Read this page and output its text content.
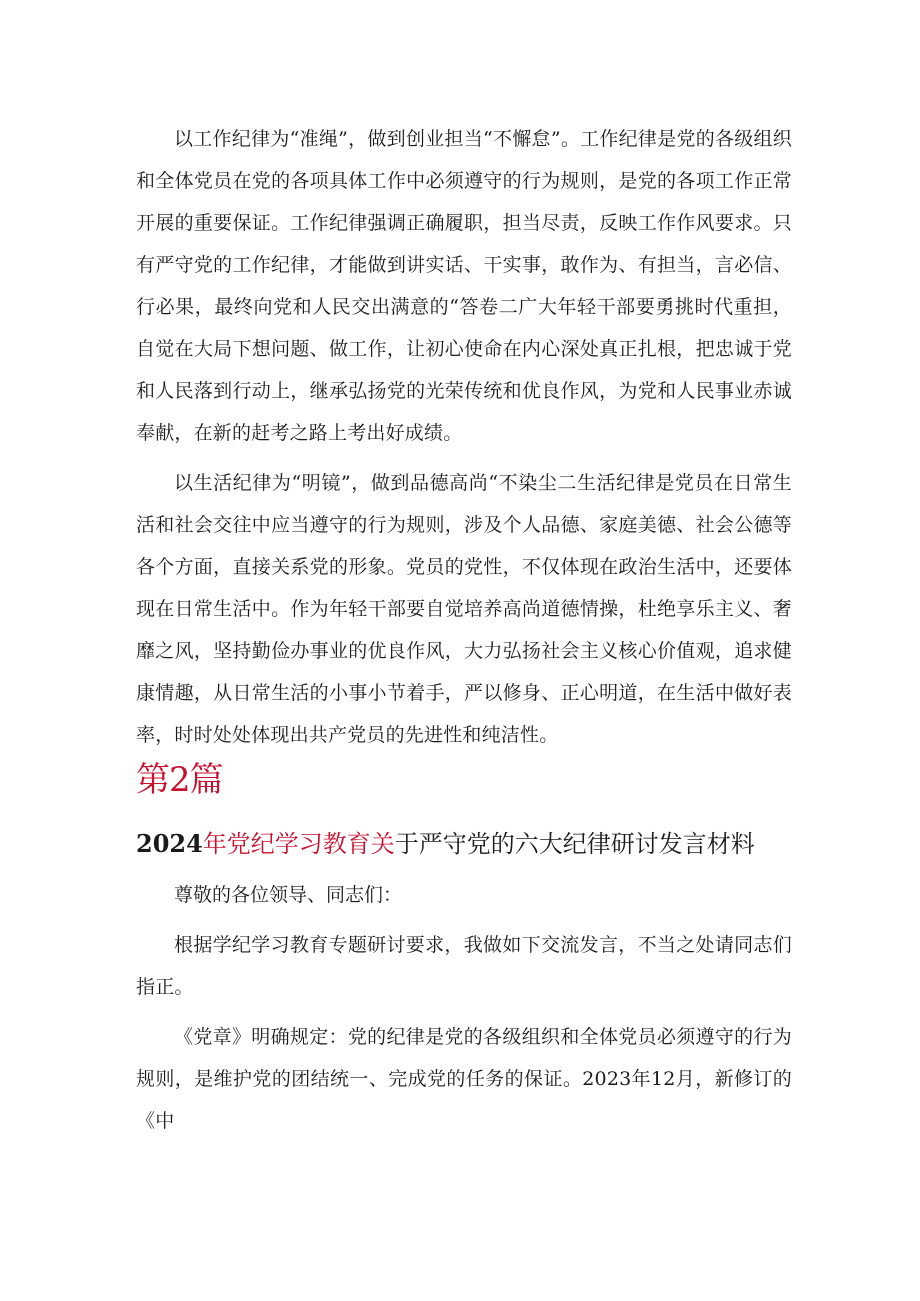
以工作纪律为“准绳”，做到创业担当“不懈怠”。工作纪律是党的各级组织和全体党员在党的各项具体工作中必须遵守的行为规则，是党的各项工作正常开展的重要保证。工作纪律强调正确履职，担当尽责，反映工作作风要求。只有严守党的工作纪律，才能做到讲实话、干实事，敢作为、有担当，言必信、行必果，最终向党和人民交出满意的“答卷二广大年轻干部要勇挑时代重担，自觉在大局下想问题、做工作，让初心使命在内心深处真正扎根，把忠诚于党和人民落到行动上，继承弘扬党的光荣传统和优良作风，为党和人民事业赤诚奉献，在新的赶考之路上考出好成绩。

以生活纪律为“明镜”，做到品德高尚“不染尘二生活纪律是党员在日常生活和社会交往中应当遵守的行为规则，涉及个人品德、家庭美德、社会公德等各个方面，直接关系党的形象。党员的党性，不仅体现在政治生活中，还要体现在日常生活中。作为年轻干部要自觉培养高尚道德情操，杜绝享乐主义、奢靡之风，坚持勤俭办事业的优良作风，大力弘扬社会主义核心价值观，追求健康情趣，从日常生活的小事小节着手，严以修身、正心明道，在生活中做好表率，时时处处体现出共产党员的先进性和纯洁性。

第2篇
2024年党纪学习教育关于严守党的六大纪律研讨发言材料

尊敬的各位领导、同志们：

根据学纪学习教育专题研讨要求，我做如下交流发言，不当之处请同志们指正。

《党章》明确规定：党的纪律是党的各级组织和全体党员必须遵守的行为规则，是维护党的团结统一、完成党的任务的保证。2023年12月，新修订的《中
